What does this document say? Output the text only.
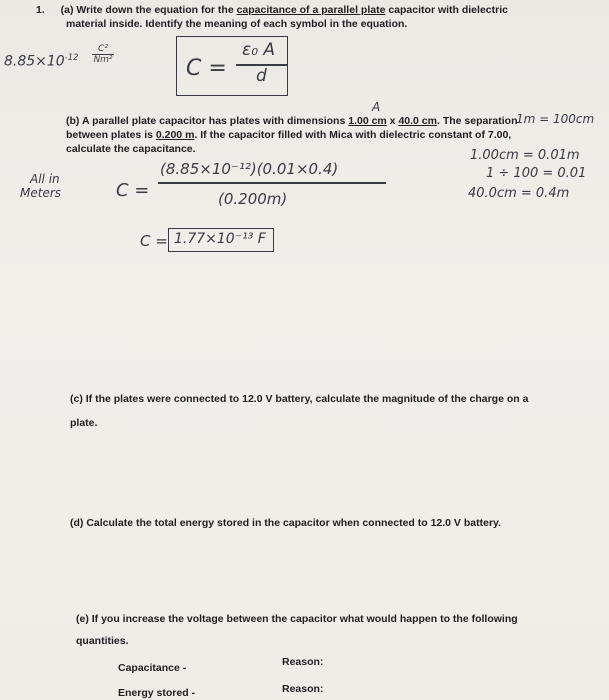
1. (a) Write down the equation for the capacitance of a parallel plate capacitor with dielectric

material inside. Identify the meaning of each symbol in the equation.

$8.85\times 10^{-12}$
C²
Nm²	C =
ε₀ A
d
A

(b) A parallel plate capacitor has plates with dimensions 1.00 cm x 40.0 cm. The separation

between plates is 0.200 m. If the capacitor filled with Mica with dielectric constant of 7.00,

calculate the capacitance.

1m = 100cm
1.00cm = 0.01m
1 ÷ 100 = 0.01
40.0cm = 0.4m
All in
Meters	C =
(8.85×10⁻¹²)(0.01×0.4)
(0.200m)
C = 1.77×10⁻¹³ F

(c) If the plates were connected to 12.0 V battery, calculate the magnitude of the charge on a

plate.

(d) Calculate the total energy stored in the capacitor when connected to 12.0 V battery.

(e) If you increase the voltage between the capacitor what would happen to the following

quantities.

Capacitance -	Reason:

Energy stored -	Reason:
